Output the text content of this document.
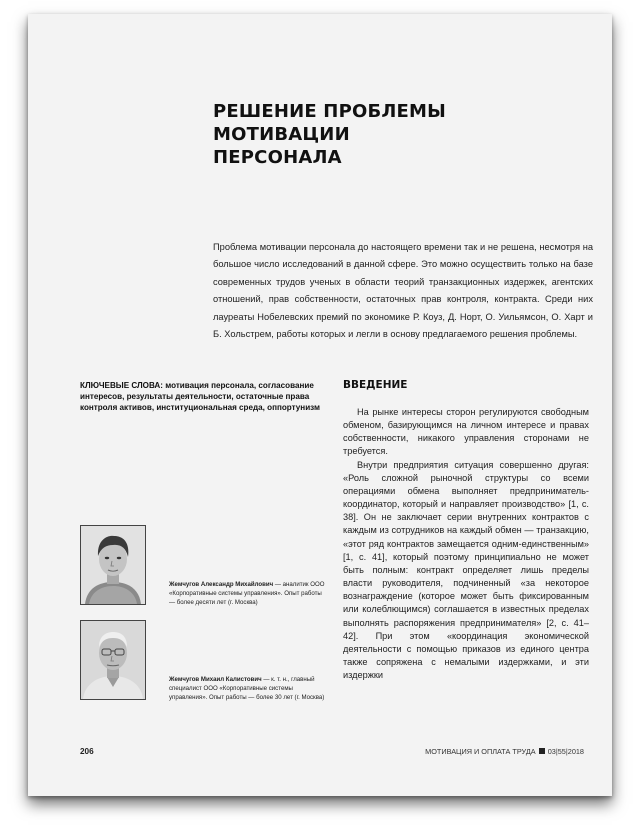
РЕШЕНИЕ ПРОБЛЕМЫ МОТИВАЦИИ
ПЕРСОНАЛА

Проблема мотивации персонала до настоящего времени так и не решена, несмотря на большое число исследований в данной сфере. Это можно осуществить только на базе современных трудов ученых в области теорий транзакционных издержек, агентских отношений, прав собственности, остаточных прав контроля, контракта. Среди них лауреаты Нобелевских премий по экономике Р. Коуз, Д. Норт, О. Уильямсон, О. Харт и Б. Хольстрем, работы которых и легли в основу предлагаемого решения проблемы.

КЛЮЧЕВЫЕ СЛОВА: мотивация персонала, согласование интересов, результаты деятельности, остаточные права контроля активов, институциональная среда, оппортунизм
ВВЕДЕНИЕ

На рынке интересы сторон регулируются свободным обменом, базирующимся на личном интересе и правах собственности, никакого управления сторонами не требуется.

Внутри предприятия ситуация совершенно другая: «Роль сложной рыночной структуры со всеми операциями обмена выполняет предприниматель-координатор, который и направляет производство» [1, с. 38]. Он не заключает серии внутренних контрактов с каждым из сотрудников на каждый обмен — транзакцию, «этот ряд контрактов замещается одним-единственным» [1, с. 41], который поэтому принципиально не может быть полным: контракт определяет лишь пределы власти руководителя, подчиненный «за некоторое вознаграждение (которое может быть фиксированным или колеблющимся) соглашается в известных пределах выполнять распоряжения предпринимателя» [2, с. 41–42]. При этом «координация экономической деятельности с помощью приказов из единого центра также сопряжена с немалыми издержками, и эти издержки

Жемчугов Александр Михайлович — аналитик ООО «Корпоративные системы управления». Опыт работы — более десяти лет (г. Москва)
Жемчугов Михаил Калистович — к. т. н., главный специалист ООО «Корпоративные системы управления». Опыт работы — более 30 лет (г. Москва)
206	МОТИВАЦИЯ И ОПЛАТА ТРУДА 03|55|2018
